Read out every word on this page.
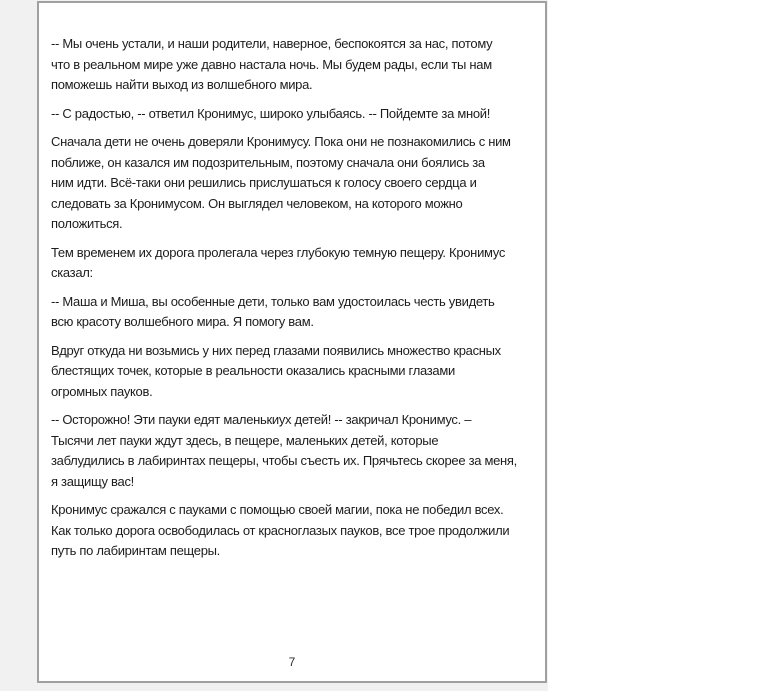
-- Мы очень устали, и наши родители, наверное, беспокоятся за нас, потому
что в реальном мире уже давно настала ночь. Мы будем рады, если ты нам
поможешь найти выход из волшебного мира.
-- С радостью, -- ответил Кронимус, широко улыбаясь. -- Пойдемте за мной!
Сначала дети не очень доверяли Кронимусу. Пока они не познакомились с ним
поближе, он казался им подозрительным, поэтому сначала они боялись за
ним идти. Всё-таки они решились прислушаться к голосу своего сердца и
следовать за Кронимусом. Он выглядел человеком, на которого можно
положиться.
Тем временем их дорога пролегала через глубокую темную пещеру. Кронимус
сказал:
-- Маша и Миша, вы особенные дети, только вам удостоилась честь увидеть
всю красоту волшебного мира. Я помогу вам.
Вдруг откуда ни возьмись у них перед глазами появились множество красных
блестящих точек, которые в реальности оказались красными глазами
огромных пауков.
-- Осторожно! Эти пауки едят маленькиух детей! -- закричал Кронимус. –
Тысячи лет пауки ждут здесь, в пещере, маленьких детей, которые
заблудились в лабиринтах пещеры, чтобы съесть их. Прячьтесь скорее за меня,
я защищу вас!
Кронимус сражался с пауками с помощью своей магии, пока не победил всех.
Как только дорога освободилась от красноглазых пауков, все трое продолжили
путь по лабиринтам пещеры.
7
